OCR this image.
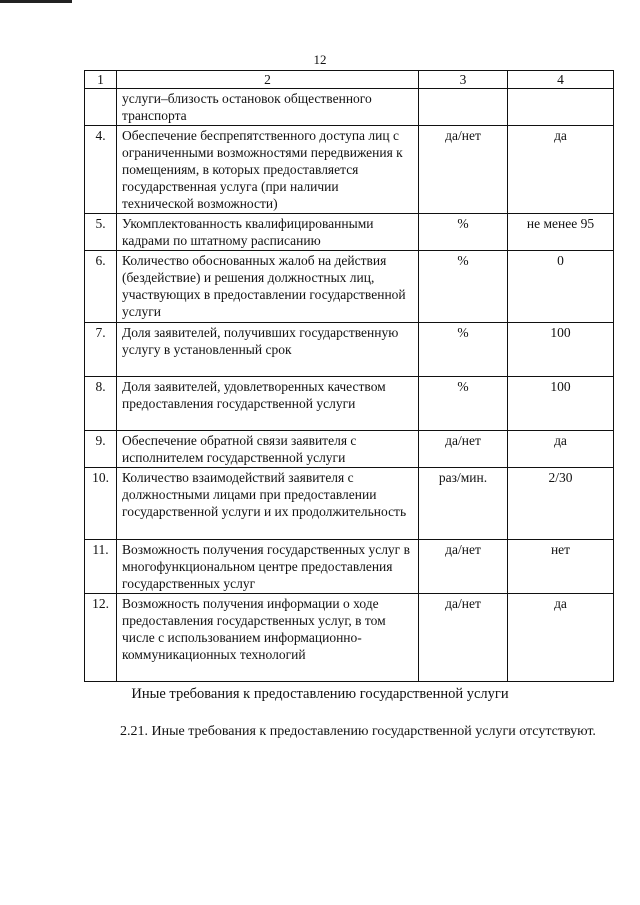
12
1	2	3	4
	услуги–близость остановок общественного транспорта		
4.	Обеспечение беспрепятственного доступа лиц с ограниченными возможностями передвижения к помещениям, в которых предоставляется государственная услуга (при наличии технической возможности)	да/нет	да
5.	Укомплектованность квалифицированными кадрами по штатному расписанию	%	не менее 95
6.	Количество обоснованных жалоб на действия (бездействие) и решения должностных лиц, участвующих в предоставлении государственной услуги	%	0
7.	Доля заявителей, получивших государственную услугу в установленный срок	%	100
8.	Доля заявителей, удовлетворенных качеством предоставления государственной услуги	%	100
9.	Обеспечение обратной связи заявителя с исполнителем государственной услуги	да/нет	да
10.	Количество взаимодействий заявителя с должностными лицами при предоставлении государственной услуги и их продолжительность	раз/мин.	2/30
11.	Возможность получения государственных услуг в многофункциональном центре предоставления государственных услуг	да/нет	нет
12.	Возможность получения информации о ходе предоставления государственных услуг, в том числе с использованием информационно-коммуникационных технологий	да/нет	да
Иные требования к предоставлению государственной услуги
2.21. Иные требования к предоставлению государственной услуги отсутствуют.
